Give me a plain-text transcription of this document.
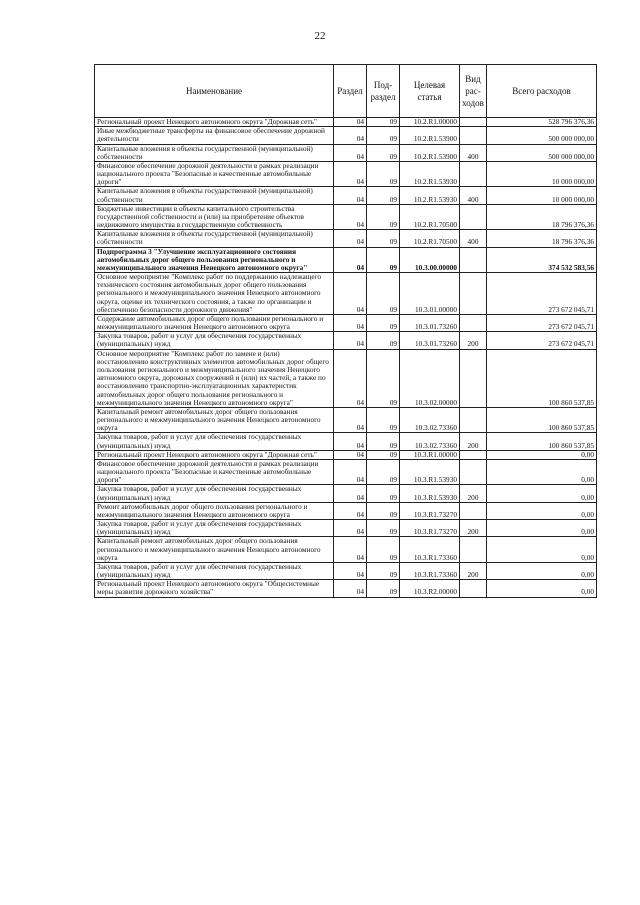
22
Наименование	Раздел	Под-раздел	Целевая статья	Вид рас-ходов	Всего расходов
Региональный проект Ненецкого автономного округа "Дорожная сеть"	04	09	10.2.R1.00000		528 796 376,36
Иные межбюджетные трансферты на финансовое обеспечение дорожной деятельности	04	09	10.2.R1.53900		500 000 000,00
Капитальные вложения в объекты государственной (муниципальной) собственности	04	09	10.2.R1.53900	400	500 000 000,00
Финансовое обеспечение дорожной деятельности в рамках реализации национального проекта "Безопасные и качественные автомобильные дороги"	04	09	10.2.R1.53930		10 000 000,00
Капитальные вложения в объекты государственной (муниципальной) собственности	04	09	10.2.R1.53930	400	10 000 000,00
Бюджетные инвестиции в объекты капитального строительства государственной собственности и (или) на приобретение объектов недвижимого имущества в государственную собственность	04	09	10.2.R1.70500		18 796 376,36
Капитальные вложения в объекты государственной (муниципальной) собственности	04	09	10.2.R1.70500	400	18 796 376,36
Подпрограмма 3 "Улучшение эксплуатационного состояния автомобильных дорог общего пользования регионального и межмуниципального значения Ненецкого автономного округа"	04	09	10.3.00.00000		374 532 583,56
Основное мероприятие "Комплекс работ по поддержанию надлежащего технического состояния автомобильных дорог общего пользования регионального и межмуниципального значения Ненецкого автономного округа, оценке их технического состояния, а также по организации и обеспечению безопасности дорожного движения"	04	09	10.3.01.00000		273 672 045,71
Содержание автомобильных дорог общего пользования регионального и межмуниципального значения Ненецкого автономного округа	04	09	10.3.01.73260		273 672 045,71
Закупка товаров, работ и услуг для обеспечения государственных (муниципальных) нужд	04	09	10.3.01.73260	200	273 672 045,71
Основное мероприятие "Комплекс работ по замене и (или) восстановлению конструктивных элементов автомобильных дорог общего пользования регионального и межмуниципального значения Ненецкого автономного округа, дорожных сооружений и (или) их частей, а также по восстановлению транспортно-эксплуатационных характеристик автомобильных дорог общего пользования регионального и межмуниципального значения Ненецкого автономного округа"	04	09	10.3.02.00000		100 860 537,85
Капитальный ремонт автомобильных дорог общего пользования регионального и межмуниципального значения Ненецкого автономного округа	04	09	10.3.02.73360		100 860 537,85
Закупка товаров, работ и услуг для обеспечения государственных (муниципальных) нужд	04	09	10.3.02.73360	200	100 860 537,85
Региональный проект Ненецкого автономного округа "Дорожная сеть"	04	09	10.3.R1.00000		0,00
Финансовое обеспечение дорожной деятельности в рамках реализации национального проекта "Безопасные и качественные автомобильные дороги"	04	09	10.3.R1.53930		0,00
Закупка товаров, работ и услуг для обеспечения государственных (муниципальных) нужд	04	09	10.3.R1.53930	200	0,00
Ремонт автомобильных дорог общего пользования регионального и межмуниципального значения Ненецкого автономного округа	04	09	10.3.R1.73270		0,00
Закупка товаров, работ и услуг для обеспечения государственных (муниципальных) нужд	04	09	10.3.R1.73270	200	0,00
Капитальный ремонт автомобильных дорог общего пользования регионального и межмуниципального значения Ненецкого автономного округа	04	09	10.3.R1.73360		0,00
Закупка товаров, работ и услуг для обеспечения государственных (муниципальных) нужд	04	09	10.3.R1.73360	200	0,00
Региональный проект Ненецкого автономного округа "Общесистемные меры развития дорожного хозяйства"	04	09	10.3.R2.00000		0,00
